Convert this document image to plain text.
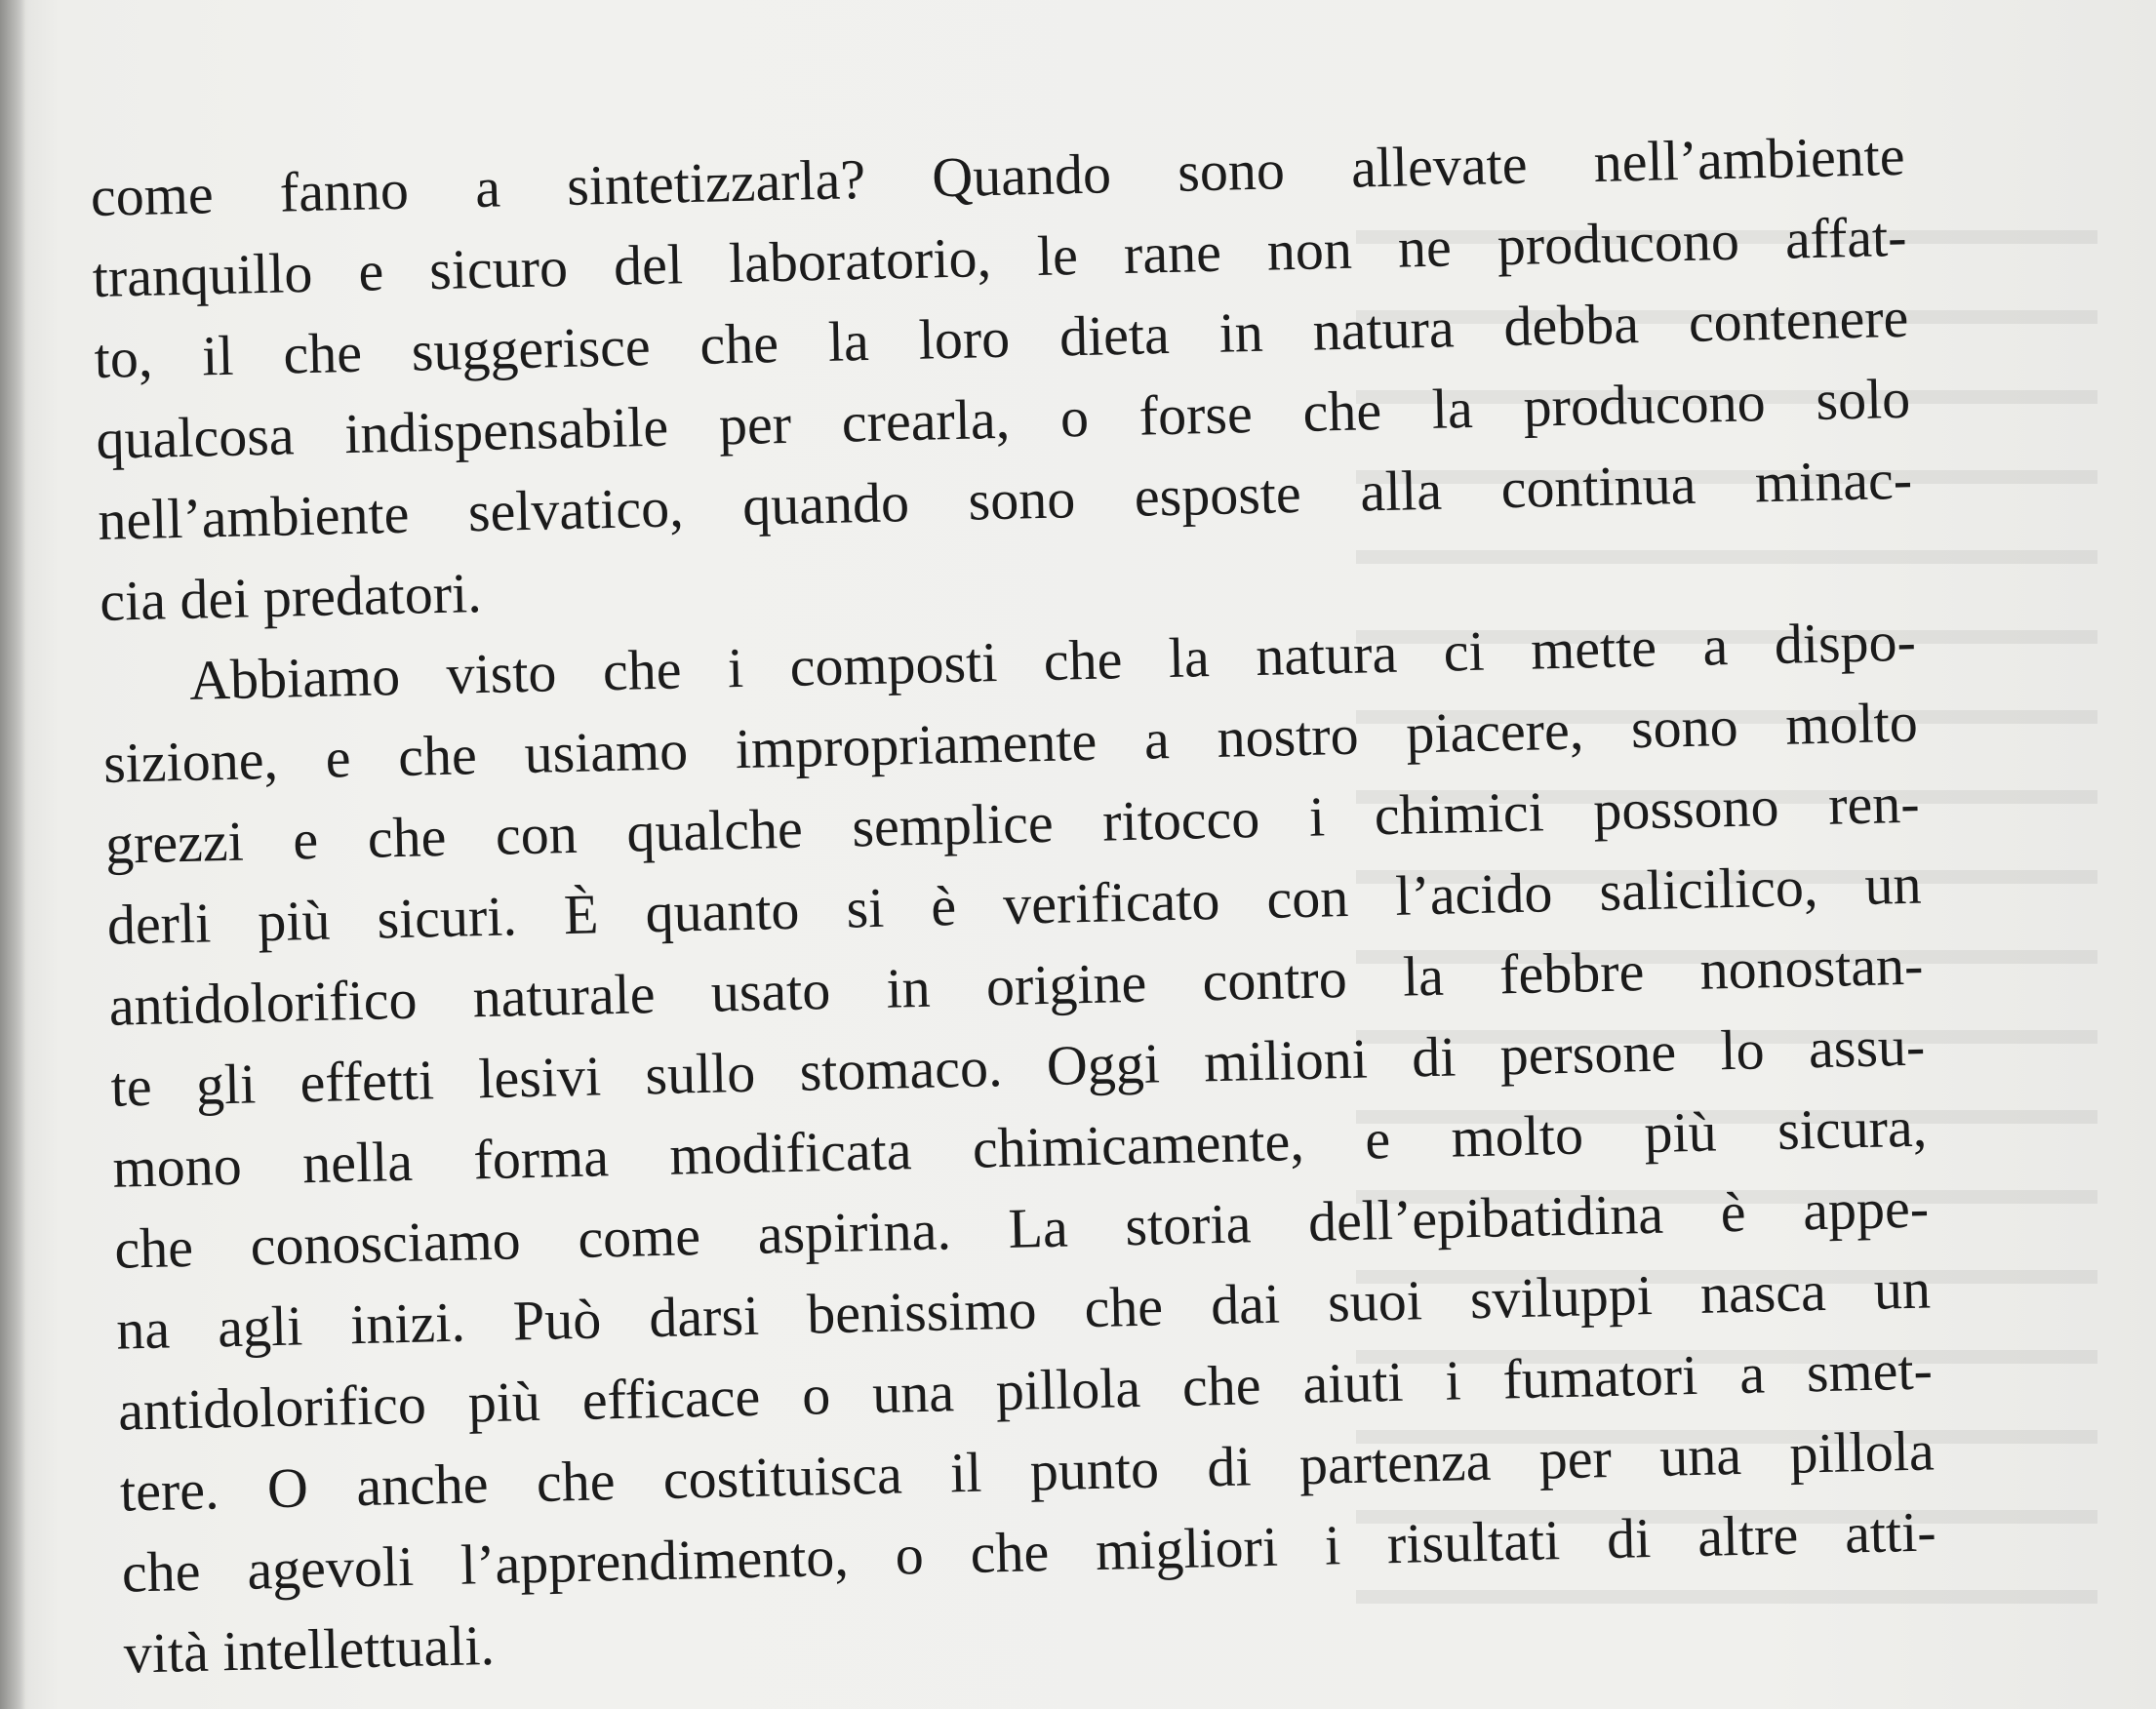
come fanno a sintetizzarla? Quando sono allevate nell’ambiente
tranquillo e sicuro del laboratorio, le rane non ne producono affat-
to, il che suggerisce che la loro dieta in natura debba contenere
qualcosa indispensabile per crearla, o forse che la producono solo
nell’ambiente selvatico, quando sono esposte alla continua minac-
cia dei predatori.
Abbiamo visto che i composti che la natura ci mette a dispo-
sizione, e che usiamo impropriamente a nostro piacere, sono molto
grezzi e che con qualche semplice ritocco i chimici possono ren-
derli più sicuri. È quanto si è verificato con l’acido salicilico, un
antidolorifico naturale usato in origine contro la febbre nonostan-
te gli effetti lesivi sullo stomaco. Oggi milioni di persone lo assu-
mono nella forma modificata chimicamente, e molto più sicura,
che conosciamo come aspirina. La storia dell’epibatidina è appe-
na agli inizi. Può darsi benissimo che dai suoi sviluppi nasca un
antidolorifico più efficace o una pillola che aiuti i fumatori a smet-
tere. O anche che costituisca il punto di partenza per una pillola
che agevoli l’apprendimento, o che migliori i risultati di altre atti-
vità intellettuali.
